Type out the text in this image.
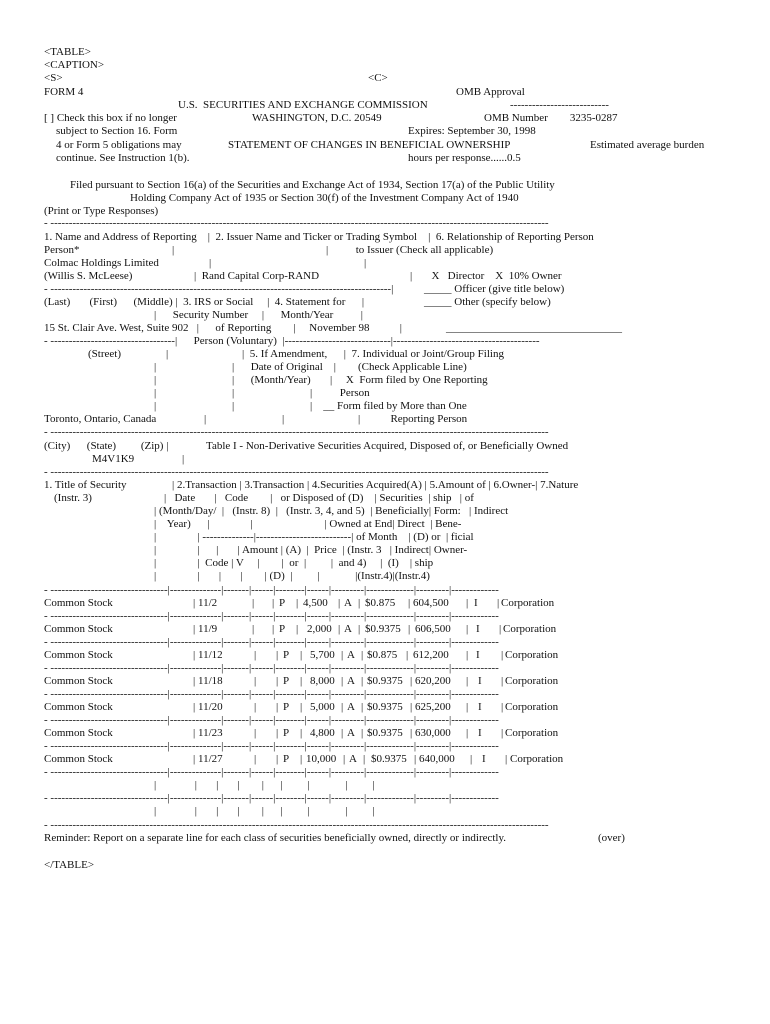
<TABLE>
<CAPTION>
<S>	<C>
FORM 4	OMB Approval
U.S.  SECURITIES AND EXCHANGE COMMISSION	---------------------------
[ ] Check this box if no longer	WASHINGTON, D.C. 20549	OMB Number        3235-0287
subject to Section 16. Form	Expires: September 30, 1998
4 or Form 5 obligations may	STATEMENT OF CHANGES IN BENEFICIAL OWNERSHIP	Estimated average burden
continue. See Instruction 1(b).	hours per response......0.5
Filed pursuant to Section 16(a) of the Securities and Exchange Act of 1934, Section 17(a) of the Public Utility
Holding Company Act of 1935 or Section 30(f) of the Investment Company Act of 1940
(Print or Type Responses)
- ----------------------------------------------------------------------------------------------------------------------------------------
1. Name and Address of Reporting    |  2. Issuer Name and Ticker or Trading Symbol    |  6. Relationship of Reporting Person
Person*	|	|          to Issuer (Check all applicable)
Colmac Holdings Limited	|	|
(Willis S. McLeese)	|  Rand Capital Corp-RAND	|       X   Director    X  10% Owner
- ---------------------------------------------------------------------------------------------|	_____ Officer (give title below)
(Last)       (First)      (Middle) |  3. IRS or Social     |  4. Statement for      |	_____ Other (specify below)
|      Security Number     |      Month/Year          |
15 St. Clair Ave. West, Suite 902   |      of Reporting        |     November 98           |	________________________________
- ----------------------------------|      Person (Voluntary)  |-----------------------------|----------------------------------------
(Street)	|	|  5. If Amendment,      |  7. Individual or Joint/Group Filing
|	|      Date of Original    |        (Check Applicable Line)
|	|      (Month/Year)       |     X  Form filed by One Reporting
|	|	|          Person
|	|	|    __ Form filed by More than One
Toronto, Ontario, Canada	|	|	|           Reporting Person
- ----------------------------------------------------------------------------------------------------------------------------------------
(City)      (State)         (Zip) |	Table I - Non-Derivative Securities Acquired, Disposed of, or Beneficially Owned
M4V1K9	|
- ----------------------------------------------------------------------------------------------------------------------------------------
1. Title of Security	| 2.Transaction | 3.Transaction | 4.Securities Acquired(A) | 5.Amount of | 6.Owner-| 7.Nature
(Instr. 3)	|   Date       |   Code        |   or Disposed of (D)    | Securities  | ship   | of
| (Month/Day/  |   (Instr. 8)  |   (Instr. 3, 4, and 5)  | Beneficially| Form:   | Indirect
|    Year)      |               |                          | Owned at End| Direct  | Bene-
|               | --------------|--------------------------| of Month    | (D) or  | ficial
|               |      |       | Amount | (A)  |  Price  | (Instr. 3   | Indirect| Owner-
|               |  Code | V     |        |  or  |         |  and 4)     |  (I)    | ship
|               |       |       |        | (D)  |         |             |(Instr.4)|(Instr.4)
- --------------------------------|--------------|-------|------|--------|------|---------|-------------|---------|-------------
Common Stock	| 11/2	| | P | 4,500 | A | $0.875 | 604,500 | I | Corporation
- --------------------------------|--------------|-------|------|--------|------|---------|-------------|---------|-------------
Common Stock	| 11/9	| | P | 2,000 | A | $0.9375 | 606,500 | I | Corporation
- --------------------------------|--------------|-------|------|--------|------|---------|-------------|---------|-------------
Common Stock	| 11/12	| | P | 5,700 | A | $0.875 | 612,200 | I | Corporation
- --------------------------------|--------------|-------|------|--------|------|---------|-------------|---------|-------------
Common Stock	| 11/18	| | P | 8,000 | A | $0.9375 | 620,200 | I | Corporation
- --------------------------------|--------------|-------|------|--------|------|---------|-------------|---------|-------------
Common Stock	| 11/20	| | P | 5,000 | A | $0.9375 | 625,200 | I | Corporation
- --------------------------------|--------------|-------|------|--------|------|---------|-------------|---------|-------------
Common Stock	| 11/23	| | P | 4,800 | A | $0.9375 | 630,000 | I | Corporation
- --------------------------------|--------------|-------|------|--------|------|---------|-------------|---------|-------------
Common Stock	| 11/27	| | P | 10,000 | A | $0.9375 | 640,000 | I | Corporation
- --------------------------------|--------------|-------|------|--------|------|---------|-------------|---------|-------------
|              |       |       |        |      |         |             |         |
- --------------------------------|--------------|-------|------|--------|------|---------|-------------|---------|-------------
|              |       |       |        |      |         |             |         |
- ----------------------------------------------------------------------------------------------------------------------------------------
Reminder: Report on a separate line for each class of securities beneficially owned, directly or indirectly.	(over)
</TABLE>
